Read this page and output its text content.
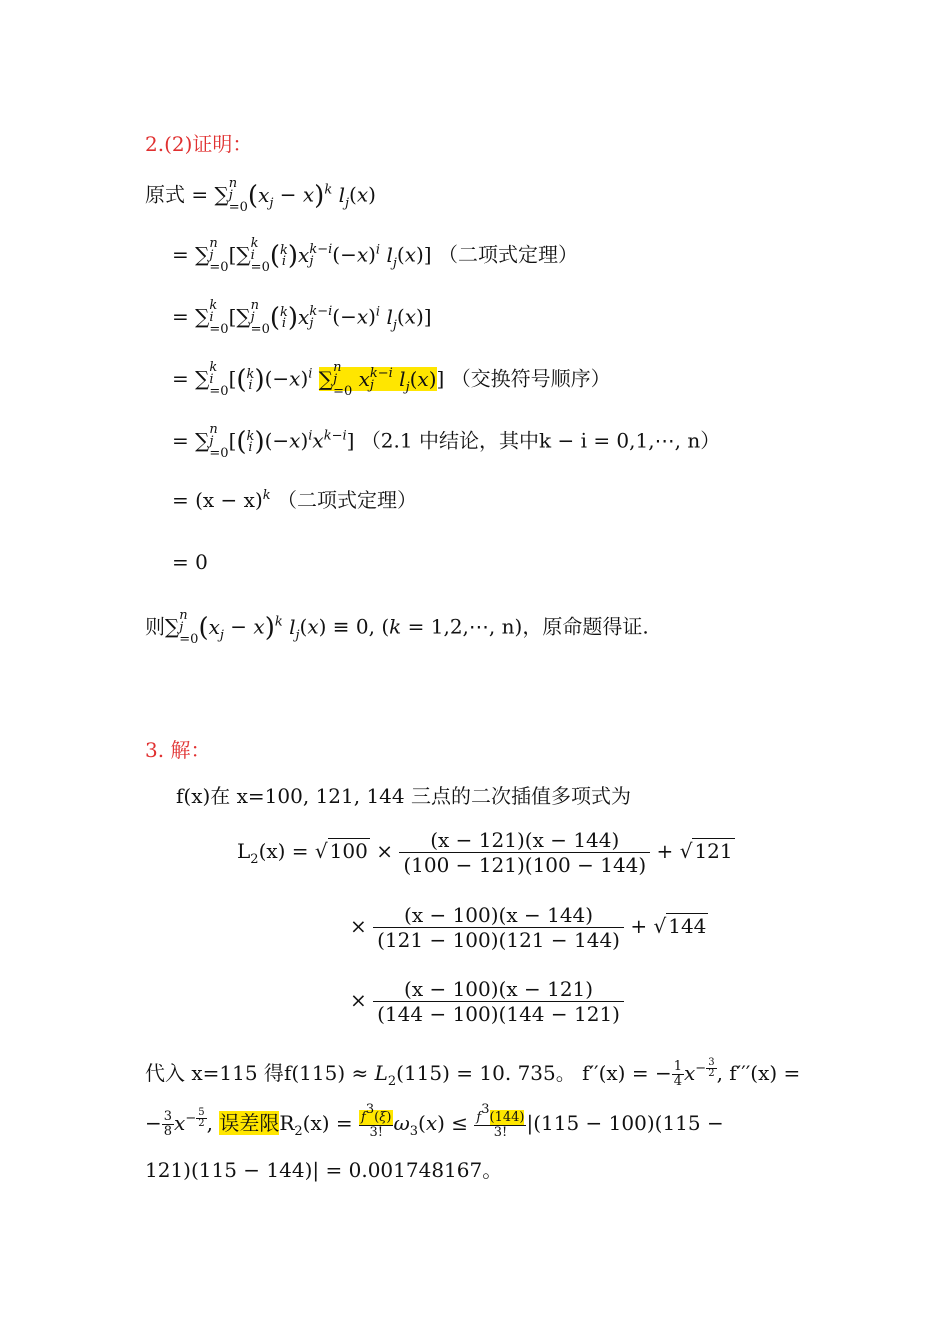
2.(2)证明：
原式 = ∑ n
j
=0 $(x_j - x)^k$ $l_j(x)$
= ∑ n
j
=0
[∑ k
i
=0 ( k
i )x k−i
j $(-x)^i$ $l_j(x)$] （二项式定理）
= ∑ k
i
=0
[∑ n
j
=0 ( k
i )x k−i
j $(-x)^i$ $l_j(x)$]
= ∑ k
i
=0
[( k
i )$(-x)^i$ ∑ n
j
=0
x k−i
j	$l_j(x)$] （交换符号顺序）
= ∑ n
j
=0
[( k
i )$(-x)^ix^{k-i}$] （2.1 中结论，其中k − i = 0,1,⋯, n）
= $(x - x)^k$ （二项式定理）
= 0
则∑ n
j
=0 $(x_j - x)^k$ $l_j(x) \equiv 0$, (k = 1,2,⋯, n)，原命题得证.
3. 解：
f(x)在 x=100, 121, 144 三点的二次插值多项式为
$L_2(x)$ = √ $100 \times \frac{(x - 121)(x - 144)}{(100 - 121)(100 - 144)}$ + √ 121
× $\frac{(x - 100)(x - 144)}{(121 - 100)(121 - 144)}$ + √ 144
× $\frac{(x - 100)(x - 121)}{(144 - 100)(144 - 121)}$
代入 x=115 得$f(115) \approx L_2(115) = 10$. 735。 f′′(x) = − $\frac{1}{4} x^{- \frac{3}{2}}$ , f′′′(x) =
− $\frac{3}{8} x^{- \frac{5}{2}}$ , 误差限$R_2(x) = \frac{f^3(\xi)}{3!} \omega_3(x) \le \frac{f^3(144)}{3!} |(115 - 100)(115$ −
121)(115 − 144)| = 0.001748167。
